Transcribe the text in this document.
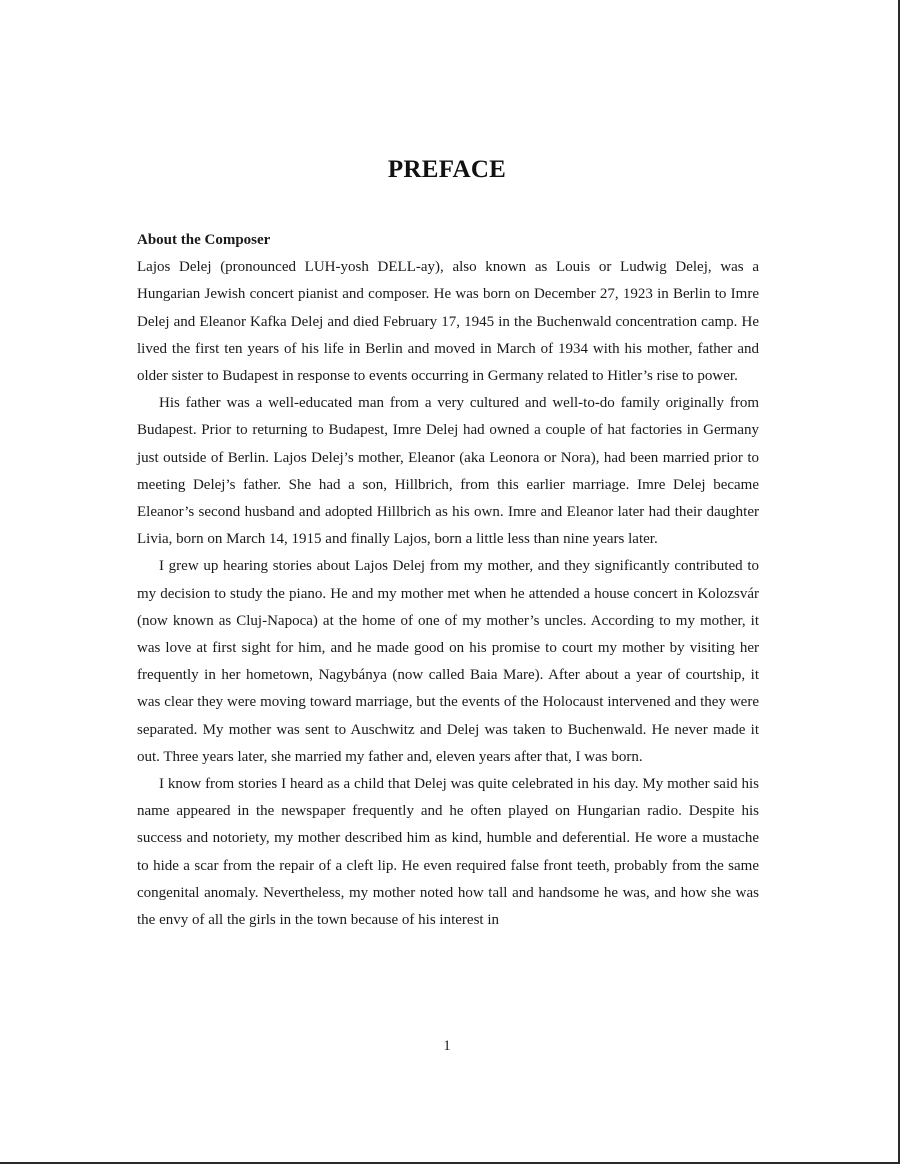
PREFACE

About the Composer

Lajos Delej (pronounced LUH-yosh DELL-ay), also known as Louis or Ludwig Delej, was a Hungarian Jewish concert pianist and composer. He was born on December 27, 1923 in Berlin to Imre Delej and Eleanor Kafka Delej and died February 17, 1945 in the Buchenwald concentration camp. He lived the first ten years of his life in Berlin and moved in March of 1934 with his mother, father and older sister to Budapest in response to events occurring in Germany related to Hitler’s rise to power.

His father was a well-educated man from a very cultured and well-to-do family originally from Budapest. Prior to returning to Budapest, Imre Delej had owned a couple of hat factories in Germany just outside of Berlin. Lajos Delej’s mother, Eleanor (aka Leonora or Nora), had been married prior to meeting Delej’s father. She had a son, Hillbrich, from this earlier marriage. Imre Delej became Eleanor’s second husband and adopted Hillbrich as his own. Imre and Eleanor later had their daughter Livia, born on March 14, 1915 and finally Lajos, born a little less than nine years later.

I grew up hearing stories about Lajos Delej from my mother, and they significantly contributed to my decision to study the piano. He and my mother met when he attended a house concert in Kolozsvár (now known as Cluj-Napoca) at the home of one of my mother’s uncles. According to my mother, it was love at first sight for him, and he made good on his promise to court my mother by visiting her frequently in her hometown, Nagybánya (now called Baia Mare). After about a year of courtship, it was clear they were moving toward marriage, but the events of the Holocaust intervened and they were separated. My mother was sent to Auschwitz and Delej was taken to Buchenwald. He never made it out. Three years later, she married my father and, eleven years after that, I was born.

I know from stories I heard as a child that Delej was quite celebrated in his day. My mother said his name appeared in the newspaper frequently and he often played on Hungarian radio. Despite his success and notoriety, my mother described him as kind, humble and deferential. He wore a mustache to hide a scar from the repair of a cleft lip. He even required false front teeth, probably from the same congenital anomaly. Nevertheless, my mother noted how tall and handsome he was, and how she was the envy of all the girls in the town because of his interest in

1
